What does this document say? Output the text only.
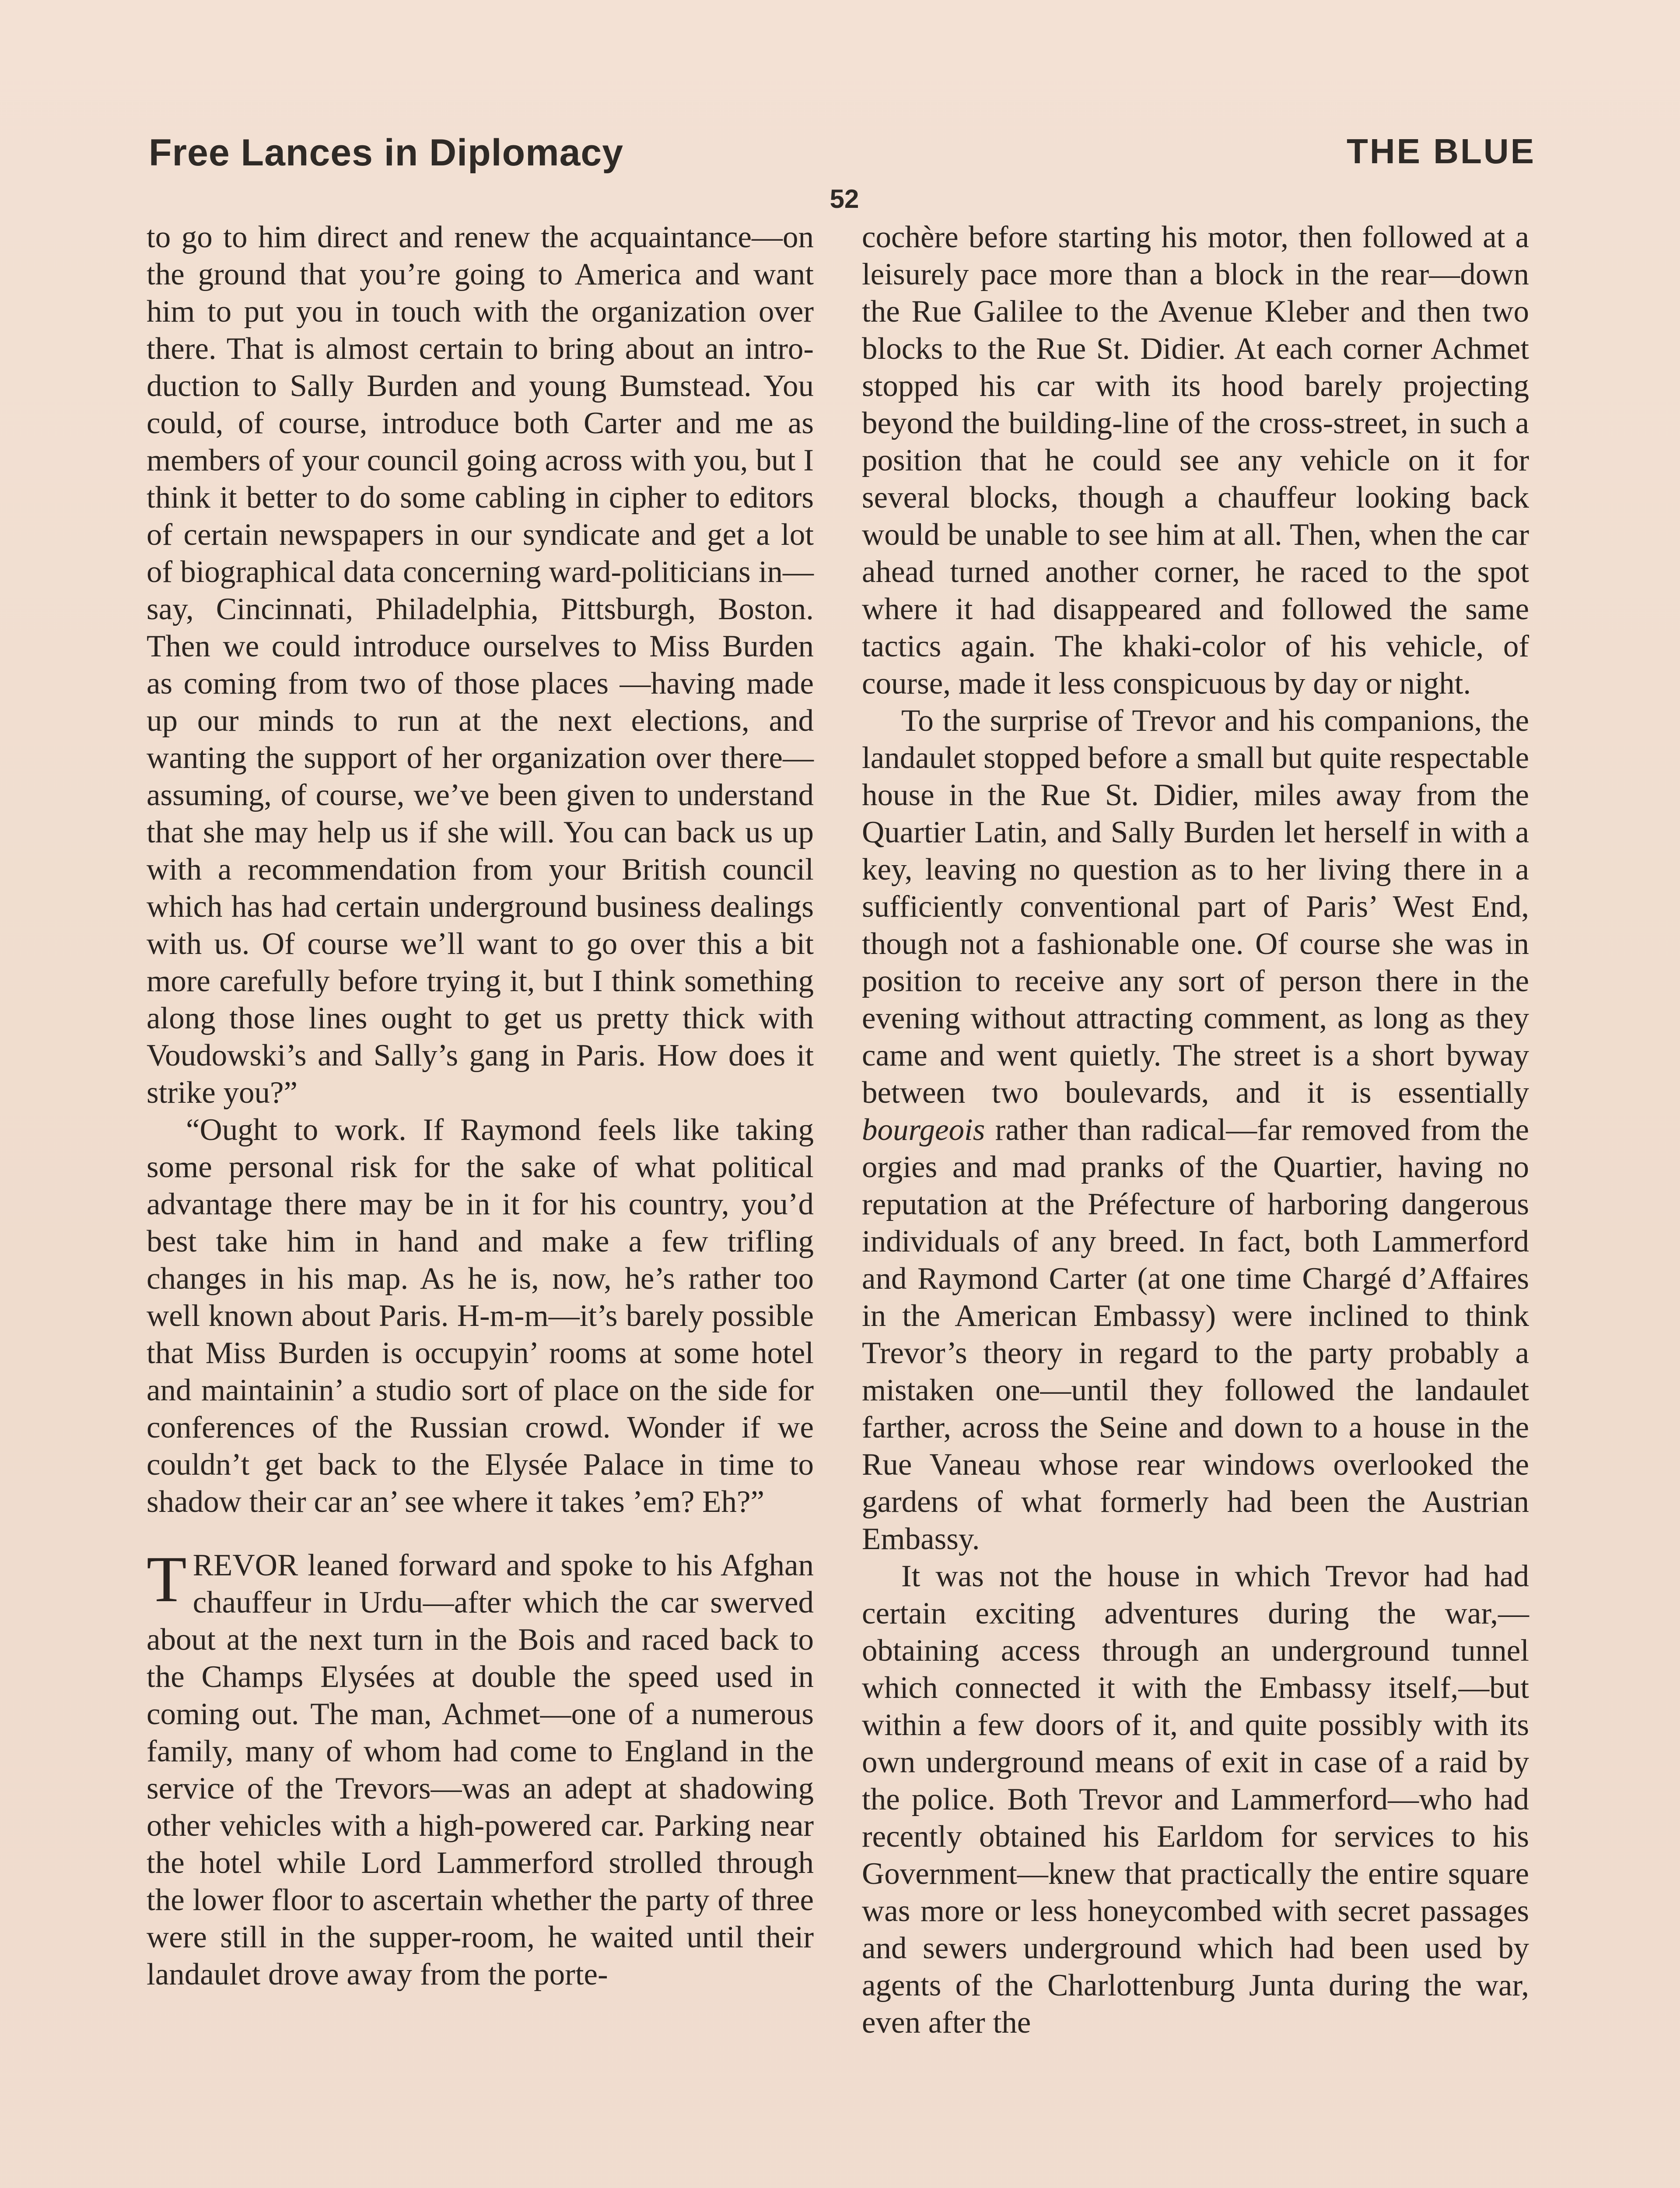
Free Lances in Diplomacy	THE BLUE
52

to go to him direct and renew the acquaintance—on the ground that you’re going to America and want him to put you in touch with the organization over there. That is almost certain to bring about an introduction to Sally Burden and young Bumstead. You could, of course, introduce both Carter and me as members of your council going across with you, but I think it better to do some cabling in cipher to editors of certain newspapers in our syndicate and get a lot of biographical data concerning ward-politicians in—say, Cincinnati, Philadelphia, Pittsburgh, Boston. Then we could introduce ourselves to Miss Burden as coming from two of those places —having made up our minds to run at the next elections, and wanting the support of her organization over there—assuming, of course, we’ve been given to understand that she may help us if she will. You can back us up with a recommendation from your British council which has had certain underground business dealings with us. Of course we’ll want to go over this a bit more carefully before trying it, but I think something along those lines ought to get us pretty thick with Voudowski’s and Sally’s gang in Paris. How does it strike you?”

“Ought to work. If Raymond feels like taking some personal risk for the sake of what political advantage there may be in it for his country, you’d best take him in hand and make a few trifling changes in his map. As he is, now, he’s rather too well known about Paris. H-m-m—it’s barely possible that Miss Burden is occupyin’ rooms at some hotel and maintainin’ a studio sort of place on the side for conferences of the Russian crowd. Wonder if we couldn’t get back to the Elysée Palace in time to shadow their car an’ see where it takes ’em? Eh?”

TREVOR leaned forward and spoke to his Afghan chauffeur in Urdu—after which the car swerved about at the next turn in the Bois and raced back to the Champs Elysées at double the speed used in coming out. The man, Achmet—one of a numerous family, many of whom had come to England in the service of the Trevors—was an adept at shadowing other vehicles with a high-powered car. Parking near the hotel while Lord Lammerford strolled through the lower floor to ascertain whether the party of three were still in the supper-room, he waited until their landaulet drove away from the porte-

cochère before starting his motor, then followed at a leisurely pace more than a block in the rear—down the Rue Galilee to the Avenue Kleber and then two blocks to the Rue St. Didier. At each corner Achmet stopped his car with its hood barely projecting beyond the building-line of the cross-street, in such a position that he could see any vehicle on it for several blocks, though a chauffeur looking back would be unable to see him at all. Then, when the car ahead turned another corner, he raced to the spot where it had disappeared and followed the same tactics again. The khaki-color of his vehicle, of course, made it less conspicuous by day or night.

To the surprise of Trevor and his companions, the landaulet stopped before a small but quite respectable house in the Rue St. Didier, miles away from the Quartier Latin, and Sally Burden let herself in with a key, leaving no question as to her living there in a sufficiently conventional part of Paris’ West End, though not a fashionable one. Of course she was in position to receive any sort of person there in the evening without attracting comment, as long as they came and went quietly. The street is a short byway between two boulevards, and it is essentially bourgeois rather than radical—far removed from the orgies and mad pranks of the Quartier, having no reputation at the Préfecture of harboring dangerous individuals of any breed. In fact, both Lammerford and Raymond Carter (at one time Chargé d’Affaires in the American Embassy) were inclined to think Trevor’s theory in regard to the party probably a mistaken one—until they followed the landaulet farther, across the Seine and down to a house in the Rue Vaneau whose rear windows overlooked the gardens of what formerly had been the Austrian Embassy.

It was not the house in which Trevor had had certain exciting adventures during the war,—obtaining access through an underground tunnel which connected it with the Embassy itself,—but within a few doors of it, and quite possibly with its own underground means of exit in case of a raid by the police. Both Trevor and Lammerford—who had recently obtained his Earldom for services to his Government—knew that practically the entire square was more or less honeycombed with secret passages and sewers underground which had been used by agents of the Charlottenburg Junta during the war, even after the
